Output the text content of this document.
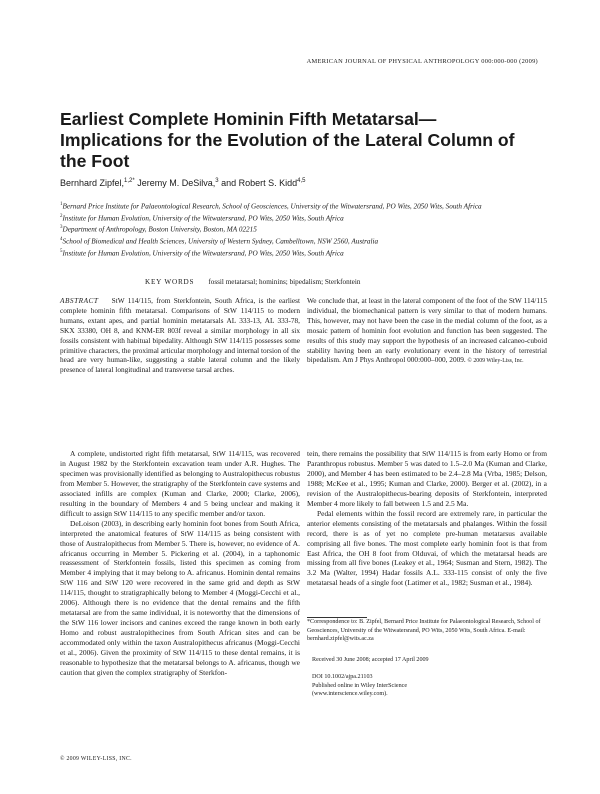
AMERICAN JOURNAL OF PHYSICAL ANTHROPOLOGY 000:000-000 (2009)
Earliest Complete Hominin Fifth Metatarsal—Implications for the Evolution of the Lateral Column of the Foot
Bernhard Zipfel,$^{1,2*}$ Jeremy M. DeSilva,$^3$ and Robert S. Kidd$^{4,5}$
$^1$Bernard Price Institute for Palaeontological Research, School of Geosciences, University of the Witwatersrand, PO Wits, 2050 Wits, South Africa
$^2$Institute for Human Evolution, University of the Witwatersrand, PO Wits, 2050 Wits, South Africa
$^3$Department of Anthropology, Boston University, Boston, MA 02215
$^4$School of Biomedical and Health Sciences, University of Western Sydney, Cambelltown, NSW 2560, Australia
$^5$Institute for Human Evolution, University of the Witwatersrand, PO Wits, 2050 Wits, South Africa
KEY WORDS fossil metatarsal; hominins; bipedalism; Sterkfontein
ABSTRACT StW 114/115, from Sterkfontein, South Africa, is the earliest complete hominin fifth metatarsal. Comparisons of StW 114/115 to modern humans, extant apes, and partial hominin metatarsals AL 333-13, AL 333-78, SKX 33380, OH 8, and KNM-ER 803f reveal a similar morphology in all six fossils consistent with habitual bipedality. Although StW 114/115 possesses some primitive characters, the proximal articular morphology and internal torsion of the head are very human-like, suggesting a stable lateral column and the likely presence of lateral longitudinal and transverse tarsal arches.
We conclude that, at least in the lateral component of the foot of the StW 114/115 individual, the biomechanical pattern is very similar to that of modern humans. This, however, may not have been the case in the medial column of the foot, as a mosaic pattern of hominin foot evolution and function has been suggested. The results of this study may support the hypothesis of an increased calcaneo-cuboid stability having been an early evolutionary event in the history of terrestrial bipedalism. Am J Phys Anthropol 000:000–000, 2009. © 2009 Wiley-Liss, Inc.

A complete, undistorted right fifth metatarsal, StW 114/115, was recovered in August 1982 by the Sterkfontein excavation team under A.R. Hughes. The specimen was provisionally identified as belonging to Australopithecus robustus from Member 5. However, the stratigraphy of the Sterkfontein cave systems and associated infills are complex (Kuman and Clarke, 2000; Clarke, 2006), resulting in the boundary of Members 4 and 5 being unclear and making it difficult to assign StW 114/115 to any specific member and/or taxon.

DeLoison (2003), in describing early hominin foot bones from South Africa, interpreted the anatomical features of StW 114/115 as being consistent with those of Australopithecus from Member 5. There is, however, no evidence of A. africanus occurring in Member 5. Pickering et al. (2004), in a taphonomic reassessment of Sterkfontein fossils, listed this specimen as coming from Member 4 implying that it may belong to A. africanus. Hominin dental remains StW 116 and StW 120 were recovered in the same grid and depth as StW 114/115, thought to stratigraphically belong to Member 4 (Moggi-Cecchi et al., 2006). Although there is no evidence that the dental remains and the fifth metatarsal are from the same individual, it is noteworthy that the dimensions of the StW 116 lower incisors and canines exceed the range known in both early Homo and robust australopithecines from South African sites and can be accommodated only within the taxon Australopithecus africanus (Moggi-Cecchi et al., 2006). Given the proximity of StW 114/115 to these dental remains, it is reasonable to hypothesize that the metatarsal belongs to A. africanus, though we caution that given the complex stratigraphy of Sterkfon-

tein, there remains the possibility that StW 114/115 is from early Homo or from Paranthropus robustus. Member 5 was dated to 1.5–2.0 Ma (Kuman and Clarke, 2000), and Member 4 has been estimated to be 2.4–2.8 Ma (Vrba, 1985; Delson, 1988; McKee et al., 1995; Kuman and Clarke, 2000). Berger et al. (2002), in a revision of the Australopithecus-bearing deposits of Sterkfontein, interpreted Member 4 more likely to fall between 1.5 and 2.5 Ma.

Pedal elements within the fossil record are extremely rare, in particular the anterior elements consisting of the metatarsals and phalanges. Within the fossil record, there is as of yet no complete pre-human metatarsus available comprising all five bones. The most complete early hominin foot is that from East Africa, the OH 8 foot from Olduvai, of which the metatarsal heads are missing from all five bones (Leakey et al., 1964; Susman and Stern, 1982). The 3.2 Ma (Walter, 1994) Hadar fossils A.L. 333-115 consist of only the five metatarsal heads of a single foot (Latimer et al., 1982; Susman et al., 1984).

*Correspondence to: B. Zipfel, Bernard Price Institute for Palaeontological Research, School of Geosciences, University of the Witwatersrand, PO Wits, 2050 Wits, South Africa. E-mail: bernhard.zipfel@wits.ac.za
Received 30 June 2008; accepted 17 April 2009
DOI 10.1002/ajpa.21103
Published online in Wiley InterScience
(www.interscience.wiley.com).
© 2009 WILEY-LISS, INC.
